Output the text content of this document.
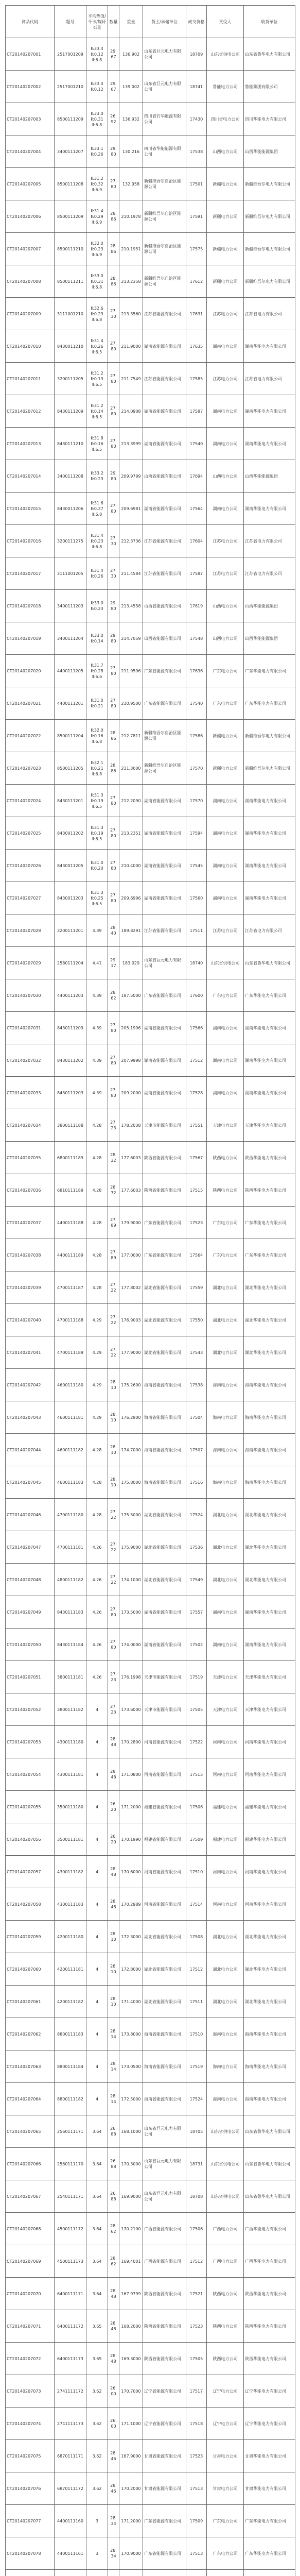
商品代码	题号	平均热值/千卡/煤矸石量	数量	重量	货主/承储单位	成交价格	买受人	收货单位
CT20140207001	2517001209	Ⅱ:33.4
Ⅱ:0.12
Ⅱ:6.8	29.67	136.902	山东省巨元电力有限公司	18709	山东省供电公司	山东省鲁华电力有限公司
CT20140207002	2517001210	Ⅱ:33.4
Ⅱ:0.12	29.67	139.002	山东省巨元电力有限公司	18741	鲁能电力公司	鲁能集团有限公司
CT20140207003	8500111209	Ⅱ:33.0
Ⅱ:0.31
Ⅱ:6.8	26.92	136.932	四川省石华能源有限公司	17430	四川省电力公司	四川华能电力有限公司
CT20140207004	3400111207	Ⅱ:33.1
Ⅱ:0.26	29.80	130.216	四川省华能能源有限公司	17538	山西电力公司	山西华能能源集团
CT20140207005	8500111208	Ⅱ:31.2
Ⅱ:0.32
Ⅱ:6.9	27.80	132.958	新疆维吾尔自治区能源公司	17501	新疆电力公司	新疆维吾尔电力有限公司
CT20140207006	8500111209	Ⅱ:31.4
Ⅱ:0.29
Ⅱ:6.9	28.86	210.1978	新疆维吾尔自治区能源公司	17591	新疆电力公司	新疆维吾尔电力有限公司
CT20140207007	8500111210	Ⅱ:32.0
Ⅱ:0.23
Ⅱ:6.9	28.86	210.1951	新疆维吾尔自治区能源公司	17575	新疆电力公司	新疆维吾尔电力有限公司
CT20140207008	8500111211	Ⅱ:33.0
Ⅱ:0.31
Ⅱ:6.8	28.86	213.2358	新疆维吾尔自治区能源公司	17612	新疆电力公司	新疆维吾尔电力有限公司
CT20140207009	3111001210	Ⅱ:32.6
Ⅱ:0.23
Ⅱ:6.8	27.30	213.3560	江苏省能源有限公司	17631	江苏电力公司	江苏省电力有限公司
CT20140207010	8430011210	Ⅱ:31.4
Ⅱ:0.26
Ⅱ:6.5	27.80	211.9000	湖南省能源有限公司	17635	湖南电力公司	湖南华能电力有限公司
CT20140207011	3200111205	Ⅱ:31.2
Ⅱ:0.13
Ⅱ:6.5	27.80	211.7549	江苏省能源有限公司	17585	江苏电力公司	江苏省电力有限公司
CT20140207012	8430111209	Ⅱ:31.2
Ⅱ:0.14
Ⅱ:6.5	27.80	214.0908	湖南省能源有限公司	17587	湖南电力公司	湖南华能电力有限公司
CT20140207013	8430111210	Ⅱ:31.8
Ⅱ:0.16
Ⅱ:6.5	27.80	213.3999	湖南省能源有限公司	17540	湖南电力公司	湖南华能电力有限公司
CT20140207014	3400111208	Ⅱ:33.2
Ⅱ:0.23	29.80	209.9799	山西省能源有限公司	17694	山西电力公司	山西华能能源集团
CT20140207015	8430011206	Ⅱ:31.6
Ⅱ:0.27
Ⅱ:6.8	27.80	209.6981	湖南省能源有限公司	17564	湖南电力公司	湖南华能电力有限公司
CT20140207016	3200111275	Ⅱ:31.4
Ⅱ:0.23
Ⅱ:6.8	27.30	212.3736	江苏省能源有限公司	17604	江苏电力公司	江苏省电力有限公司
CT20140207017	3111001205	Ⅱ:31.4
Ⅱ:0.26	27.30	211.4584	江苏省能源有限公司	17587	江苏电力公司	江苏省电力有限公司
CT20140207018	3400111203	Ⅱ:33.0
Ⅱ:0.23	29.80	213.4558	山西省能源有限公司	17619	山西电力公司	山西华能能源集团
CT20140207019	3400111204	Ⅱ:33.0
Ⅱ:0.14	29.80	214.7059	山西省能源有限公司	17548	山西电力公司	山西华能能源集团
CT20140207020	4400111205	Ⅱ:31.7
Ⅱ:0.28
Ⅱ:6.6	27.80	211.9596	广东省能源有限公司	17636	广东电力公司	广东华能电力有限公司
CT20140207021	4400111201	Ⅱ:31.0
Ⅱ:0.21	27.80	210.9500	广东省能源有限公司	17540	广东电力公司	广东华能电力有限公司
CT20140207022	8500111204	Ⅱ:32.0
Ⅱ:0.16
Ⅱ:6.8	28.86	212.7811	新疆维吾尔自治区能源公司	17586	新疆电力公司	新疆维吾尔电力有限公司
CT20140207023	8500111205	Ⅱ:32.1
Ⅱ:0.21
Ⅱ:6.8	28.86	211.3000	新疆维吾尔自治区能源公司	17570	新疆电力公司	新疆维吾尔电力有限公司
CT20140207024	8430111201	Ⅱ:31.3
Ⅱ:0.19
Ⅱ:6.5	27.80	212.2090	湖南省能源有限公司	17570	湖南电力公司	湖南华能电力有限公司
CT20140207025	8430011202	Ⅱ:31.3
Ⅱ:0.19
Ⅱ:6.5	27.80	213.2351	湖南省能源有限公司	17594	湖南电力公司	湖南华能电力有限公司
CT20140207026	8430011205	Ⅱ:31.0
Ⅱ:0.20	27.80	210.4000	湖南省能源有限公司	17545	湖南电力公司	湖南华能电力有限公司
CT20140207027	8430011203	Ⅱ:31.3
Ⅱ:0.25
Ⅱ:6.5	27.80	209.6996	湖南省能源有限公司	17560	湖南电力公司	湖南华能电力有限公司
CT20140207028	3200111201	4.39	28.40	189.8291	江苏省能源有限公司	17511	江苏电力公司	江苏省电力有限公司
CT20140207029	2580111204	4.41	29.17	183.029	山东省巨元电力有限公司	18740	山东省供电公司	山东省鲁华电力有限公司
CT20140207030	4400111203	4.39	28.62	187.5000	广东省能源有限公司	17600	广东电力公司	广东华能电力有限公司
CT20140207031	8430111209	4.39	27.80	205.1996	湖南省能源有限公司	17566	湖南电力公司	湖南华能电力有限公司
CT20140207032	8430111202	4.39	27.80	207.9998	湖南省能源有限公司	17512	湖南电力公司	湖南华能电力有限公司
CT20140207033	8430111203	4.39	27.80	209.2000	湖南省能源有限公司	17528	湖南电力公司	湖南华能电力有限公司
CT20140207034	3800111188	4.28	27.23	178.2038	天津市能源有限公司	17551	天津电力公司	天津华能电力有限公司
CT20140207035	6800111189	4.28	28.32	177.6003	陕西省能源有限公司	17567	陕西电力公司	陕西华能电力有限公司
CT20140207036	6810111189	4.28	28.72	177.6003	陕西省能源有限公司	17515	陕西电力公司	陕西华能电力有限公司
CT20140207037	4400111188	4.28	27.89	179.9000	广东省能源有限公司	17523	广东电力公司	广东华能电力有限公司
CT20140207038	4400111189	4.28	27.89	177.0000	广东省能源有限公司	17564	广东电力公司	广东华能电力有限公司
CT20140207039	4700111187	4.28	27.22	177.8002	湖北省能源有限公司	17559	湖北电力公司	湖北华能电力有限公司
CT20140207040	4700111188	4.29	27.22	176.9003	湖北省能源有限公司	17550	湖北电力公司	湖北华能电力有限公司
CT20140207041	4700111189	4.29	27.22	177.9000	湖北省能源有限公司	17543	湖北电力公司	湖北华能电力有限公司
CT20140207042	4600111180	4.29	28.10	175.2600	海南省能源有限公司	17538	海南电力公司	海南华能电力有限公司
CT20140207043	4600111181	4.29	28.10	176.2900	海南省能源有限公司	17504	海南电力公司	海南华能电力有限公司
CT20140207044	4600111182	4.28	28.10	174.7000	海南省能源有限公司	17507	海南电力公司	海南华能电力有限公司
CT20140207045	4600111183	4.28	28.10	175.8000	海南省能源有限公司	17516	海南电力公司	海南华能电力有限公司
CT20140207046	4700111180	4.28	27.22	175.5000	湖北省能源有限公司	17524	湖北电力公司	湖北华能电力有限公司
CT20140207047	4700111181	4.26	27.22	175.9000	湖北省能源有限公司	17536	湖北电力公司	湖北华能电力有限公司
CT20140207048	4800111182	4.26	27.22	174.1000	湖北省能源有限公司	17549	湖北电力公司	湖北华能电力有限公司
CT20140207049	8430111183	4.26	27.80	173.5000	湖南省能源有限公司	17557	湖南电力公司	湖南华能电力有限公司
CT20140207050	8430111184	4.26	27.80	174.0000	湖南省能源有限公司	17502	湖南电力公司	湖南华能电力有限公司
CT20140207051	3800111181	4.26	27.23	176.1998	天津市能源有限公司	17519	天津电力公司	天津华能电力有限公司
CT20140207052	3800111182	4	27.23	173.6000	天津市能源有限公司	17505	天津电力公司	天津华能电力有限公司
CT20140207053	4300111180	4	28.48	170.2800	河南省能源有限公司	17522	河南电力公司	河南华能电力有限公司
CT20140207054	4300111181	4	28.48	171.0800	河南省能源有限公司	17515	河南电力公司	河南华能电力有限公司
CT20140207055	3500111180	4	26.20	171.2000	福建省能源有限公司	17506	福建电力公司	福建华能电力有限公司
CT20140207056	3500111181	4	26.20	170.1990	福建省能源有限公司	17509	福建电力公司	福建华能电力有限公司
CT20140207057	4300111182	4	28.48	170.6000	河南省能源有限公司	17510	河南电力公司	河南华能电力有限公司
CT20140207058	4300111183	4	28.48	170.2989	河南省能源有限公司	17514	河南电力公司	河南华能电力有限公司
CT20140207059	4200111180	4	28.10	172.3000	湖北省能源有限公司	17508	湖北电力公司	湖北华能电力有限公司
CT20140207060	4200111181	4	28.10	172.8000	湖北省能源有限公司	17512	湖北电力公司	湖北华能电力有限公司
CT20140207061	4200111182	4	28.10	171.4000	湖北省能源有限公司	17511	湖北电力公司	湖北华能电力有限公司
CT20140207062	8800111183	4	28.14	173.8000	海南省能源有限公司	17510	海南电力公司	海南华能电力有限公司
CT20140207063	8800111184	4	28.14	173.0500	海南省能源有限公司	17519	海南电力公司	海南华能电力有限公司
CT20140207064	8800111182	4	28.14	172.5000	海南省能源有限公司	17524	海南电力公司	海南华能电力有限公司
CT20140207065	2560111171	3.64	26.88	168.1000	山东省巨元电力有限公司	18705	山东省供电公司	山东省鲁华电力有限公司
CT20140207066	2560111170	3.64	26.88	170.3000	山东省巨元电力有限公司	18731	山东省供电公司	山东省鲁华电力有限公司
CT20140207067	2540111171	3.64	26.88	169.9000	山东省巨元电力有限公司	18708	山东省供电公司	山东省鲁华电力有限公司
CT20140207068	4500111172	3.64	28.62	170.2100	广西省能源有限公司	17506	广西电力公司	广西华能电力有限公司
CT20140207069	4500111173	3.64	28.62	169.4001	广西省能源有限公司	17512	广西电力公司	广西华能电力有限公司
CT20140207070	6400111171	3.64	28.48	167.9799	陕西省能源有限公司	17521	陕西电力公司	陕西华能电力有限公司
CT20140207071	6400111172	3.65	28.48	168.2000	陕西省能源有限公司	17523	陕西电力公司	陕西华能电力有限公司
CT20140207072	6400111173	3.65	28.48	169.3000	陕西省能源有限公司	17505	陕西电力公司	陕西华能电力有限公司
CT20140207073	2741111172	3.62	26.00	170.7000	辽宁省能源有限公司	17517	辽宁电力公司	辽宁华能电力有限公司
CT20140207074	2741111173	3.62	26.00	171.1000	辽宁省能源有限公司	17518	辽宁电力公司	辽宁华能电力有限公司
CT20140207075	6870111171	3.62	28.46	167.9000	甘肃省能源有限公司	17523	甘肃电力公司	甘肃华能电力有限公司
CT20140207076	6870111172	3.62	28.46	170.2000	甘肃省能源有限公司	17513	甘肃电力公司	甘肃华能电力有限公司
CT20140207077	4400111160	3	28.34	171.2000	广东省能源有限公司	17509	广东电力公司	广东华能电力有限公司
CT20140207078	4400111161	3	28.34	170.9000	广东省能源有限公司	17513	广东电力公司	广东华能电力有限公司
